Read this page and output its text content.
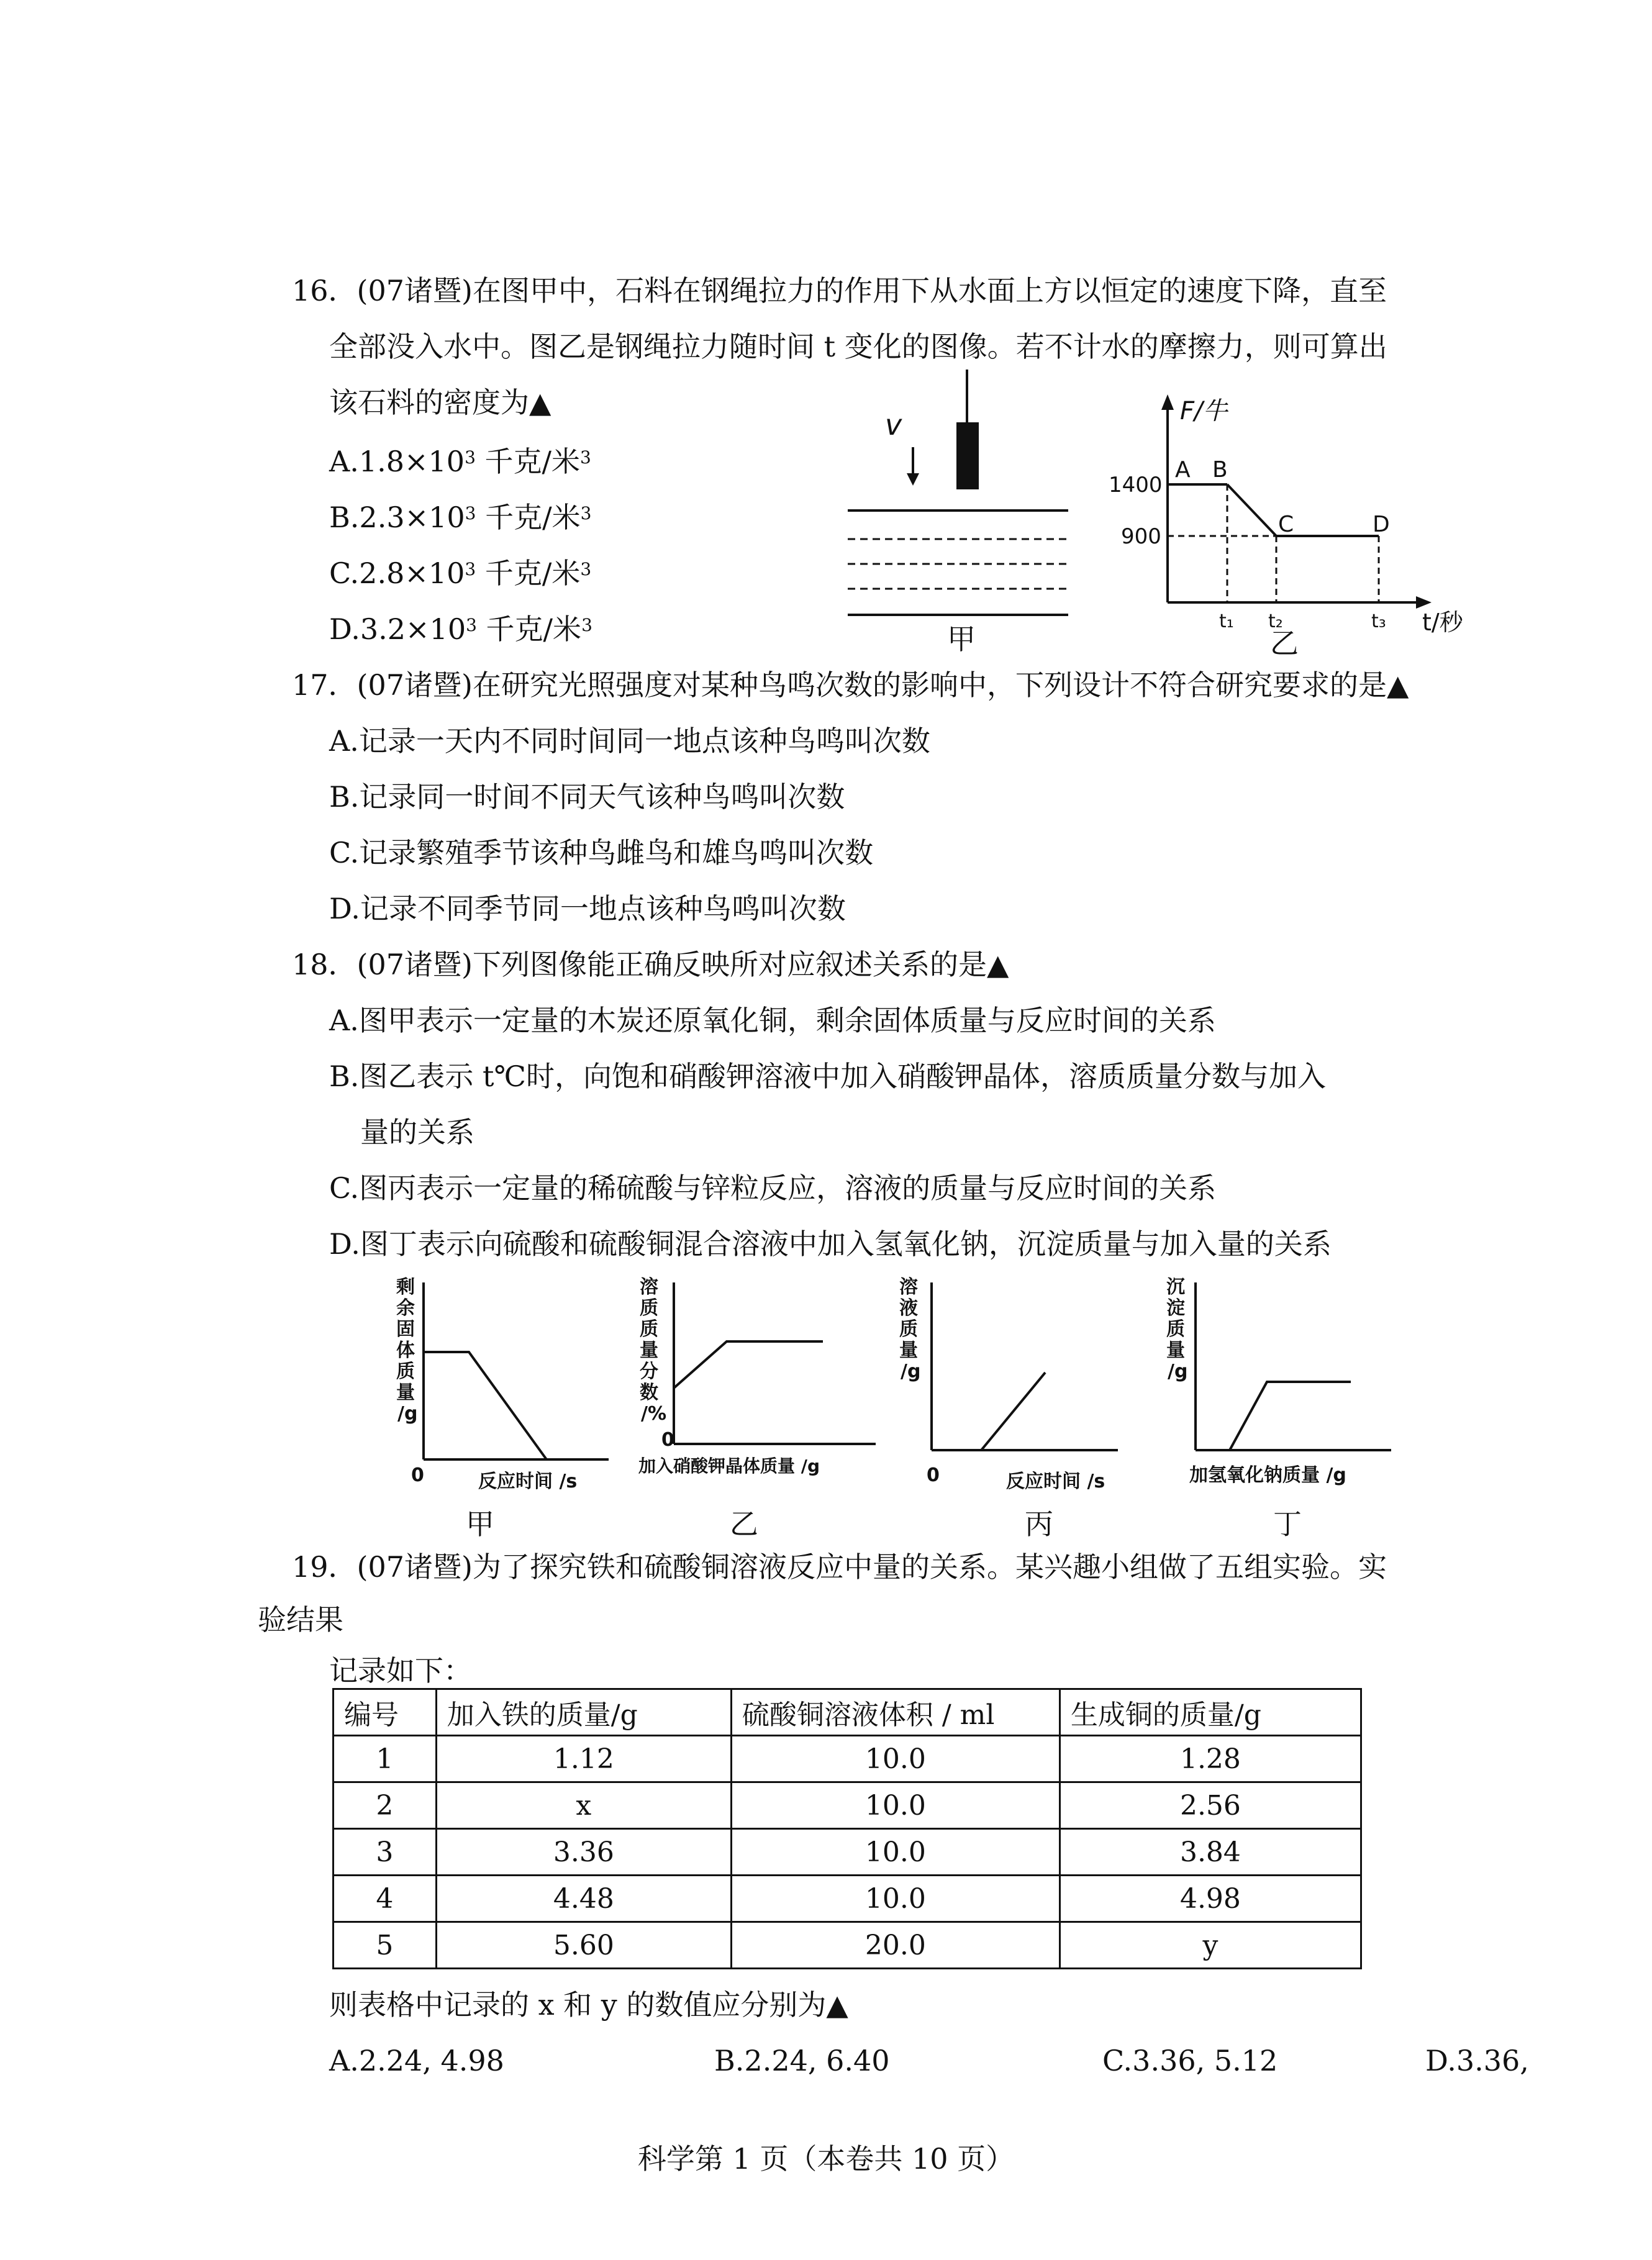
16．(07诸暨)在图甲中，石料在钢绳拉力的作用下从水面上方以恒定的速度下降，直至
全部没入水中。图乙是钢绳拉力随时间 t 变化的图像。若不计水的摩擦力，则可算出
该石料的密度为▲
$A.1.8\times 10^3$ 千克/米$^3$
$B.2.3\times 10^3$ 千克/米$^3$
$C.2.8\times 10^3$ 千克/米$^3$
$D.3.2\times 10^3$ 千克/米$^3$
v
甲
F/牛
t/秒
1400
900
A B
C	D
t₁ t₂	t₃
乙
17．(07诸暨)在研究光照强度对某种鸟鸣次数的影响中，下列设计不符合研究要求的是▲
A.记录一天内不同时间同一地点该种鸟鸣叫次数
B.记录同一时间不同天气该种鸟鸣叫次数
C.记录繁殖季节该种鸟雌鸟和雄鸟鸣叫次数
D.记录不同季节同一地点该种鸟鸣叫次数
18．(07诸暨)下列图像能正确反映所对应叙述关系的是▲
A.图甲表示一定量的木炭还原氧化铜，剩余固体质量与反应时间的关系
B.图乙表示 t℃时，向饱和硝酸钾溶液中加入硝酸钾晶体，溶质质量分数与加入
量的关系
C.图丙表示一定量的稀硫酸与锌粒反应，溶液的质量与反应时间的关系
D.图丁表示向硫酸和硫酸铜混合溶液中加入氢氧化钠，沉淀质量与加入量的关系
剩
余
固
体
质
量
/g
0	反应时间 /s
甲
溶
质
质
量
分
数
/%
0
加入硝酸钾晶体质量 /g
乙
溶
液
质
量
/g
0	反应时间 /s
丙
沉
淀
质
量
/g
加氢氧化钠质量 /g
丁
19．(07诸暨)为了探究铁和硫酸铜溶液反应中量的关系。某兴趣小组做了五组实验。实
验结果
记录如下：
编号	加入铁的质量/g	硫酸铜溶液体积 / ml	生成铜的质量/g
1	1.12	10.0	1.28
2	x	10.0	2.56
3	3.36	10.0	3.84
4	4.48	10.0	4.98
5	5.60	20.0	y
则表格中记录的 x 和 y 的数值应分别为▲
A.2.24, 4.98	B.2.24, 6.40	C.3.36, 5.12	D.3.36,
科学第 1 页（本卷共 10 页）
